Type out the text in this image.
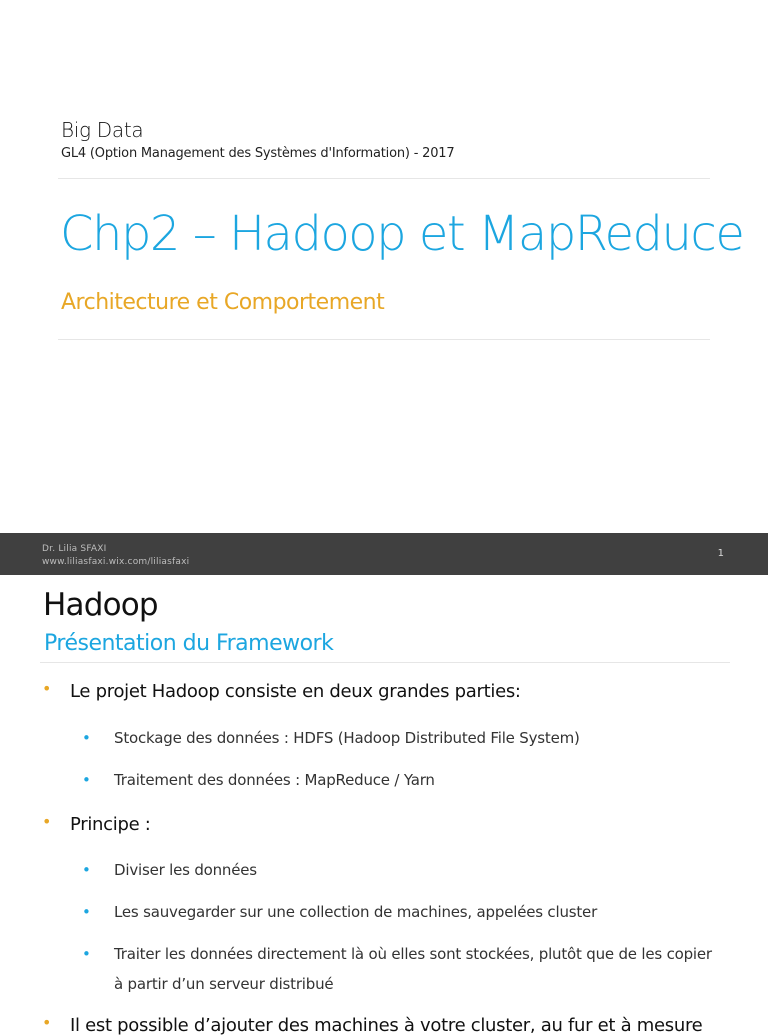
Big Data
GL4 (Option Management des Systèmes d'Information) - 2017
Chp2 – Hadoop et MapReduce
Architecture et Comportement
Dr. Lilia SFAXI
www.liliasfaxi.wix.com/liliasfaxi
1
Hadoop
Présentation du Framework
• Le projet Hadoop consiste en deux grandes parties:
• Stockage des données : HDFS (Hadoop Distributed File System)
• Traitement des données : MapReduce / Yarn
• Principe :
• Diviser les données
• Les sauvegarder sur une collection de machines, appelées cluster
• Traiter les données directement là où elles sont stockées, plutôt que de les copier à partir d’un serveur distribué
• Il est possible d’ajouter des machines à votre cluster, au fur et à mesure
